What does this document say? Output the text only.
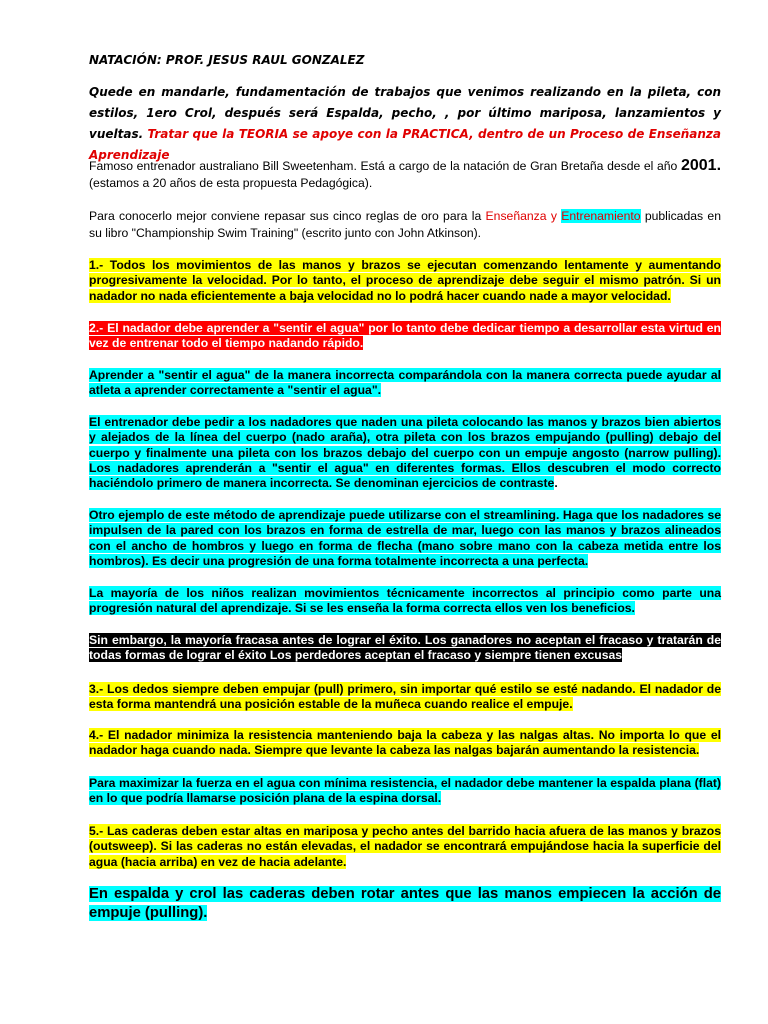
NATACIÓN: PROF. JESUS RAUL GONZALEZ
Quede en mandarle, fundamentación de trabajos que venimos realizando en la pileta, con estilos, 1ero Crol, después será Espalda, pecho, , por último mariposa, lanzamientos y vueltas. Tratar que la TEORIA se apoye con la PRACTICA, dentro de un Proceso de Enseñanza Aprendizaje
Famoso entrenador australiano Bill Sweetenham. Está a cargo de la natación de Gran Bretaña desde el año 2001. (estamos a 20 años de esta propuesta Pedagógica).
Para conocerlo mejor conviene repasar sus cinco reglas de oro para la Enseñanza y Entrenamiento publicadas en su libro "Championship Swim Training" (escrito junto con John Atkinson).
1.- Todos los movimientos de las manos y brazos se ejecutan comenzando lentamente y aumentando progresivamente la velocidad. Por lo tanto, el proceso de aprendizaje debe seguir el mismo patrón. Si un nadador no nada eficientemente a baja velocidad no lo podrá hacer cuando nade a mayor velocidad.
2.- El nadador debe aprender a "sentir el agua" por lo tanto debe dedicar tiempo a desarrollar esta virtud en vez de entrenar todo el tiempo nadando rápido.
Aprender a "sentir el agua" de la manera incorrecta comparándola con la manera correcta puede ayudar al atleta a aprender correctamente a "sentir el agua".
El entrenador debe pedir a los nadadores que naden una pileta colocando las manos y brazos bien abiertos y alejados de la línea del cuerpo (nado araña), otra pileta con los brazos empujando (pulling) debajo del cuerpo y finalmente una pileta con los brazos debajo del cuerpo con un empuje angosto (narrow pulling). Los nadadores aprenderán a "sentir el agua" en diferentes formas. Ellos descubren el modo correcto haciéndolo primero de manera incorrecta. Se denominan ejercicios de contraste.
Otro ejemplo de este método de aprendizaje puede utilizarse con el streamlining. Haga que los nadadores se impulsen de la pared con los brazos en forma de estrella de mar, luego con las manos y brazos alineados con el ancho de hombros y luego en forma de flecha (mano sobre mano con la cabeza metida entre los hombros). Es decir una progresión de una forma totalmente incorrecta a una perfecta.
La mayoría de los niños realizan movimientos técnicamente incorrectos al principio como parte una progresión natural del aprendizaje. Si se les enseña la forma correcta ellos ven los beneficios.
Sin embargo, la mayoría fracasa antes de lograr el éxito. Los ganadores no aceptan el fracaso y tratarán de todas formas de lograr el éxito Los perdedores aceptan el fracaso y siempre tienen excusas
3.- Los dedos siempre deben empujar (pull) primero, sin importar qué estilo se esté nadando. El nadador de esta forma mantendrá una posición estable de la muñeca cuando realice el empuje.
4.- El nadador minimiza la resistencia manteniendo baja la cabeza y las nalgas altas. No importa lo que el nadador haga cuando nada. Siempre que levante la cabeza las nalgas bajarán aumentando la resistencia.
Para maximizar la fuerza en el agua con mínima resistencia, el nadador debe mantener la espalda plana (flat) en lo que podría llamarse posición plana de la espina dorsal.
5.- Las caderas deben estar altas en mariposa y pecho antes del barrido hacia afuera de las manos y brazos (outsweep). Si las caderas no están elevadas, el nadador se encontrará empujándose hacia la superficie del agua (hacia arriba) en vez de hacia adelante.
En espalda y crol las caderas deben rotar antes que las manos empiecen la acción de empuje (pulling).
